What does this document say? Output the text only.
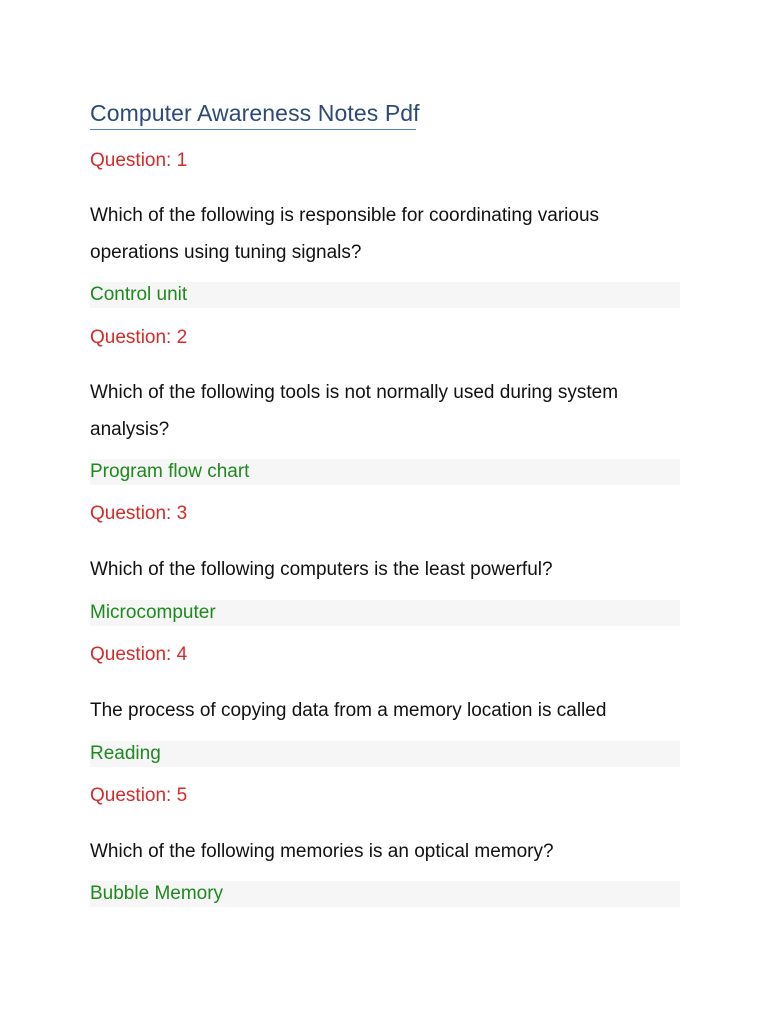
Computer Awareness Notes Pdf
Question: 1
Which of the following is responsible for coordinating various operations using tuning signals?
Control unit
Question: 2
Which of the following tools is not normally used during system analysis?
Program flow chart
Question: 3
Which of the following computers is the least powerful?
Microcomputer
Question: 4
The process of copying data from a memory location is called
Reading
Question: 5
Which of the following memories is an optical memory?
Bubble Memory
